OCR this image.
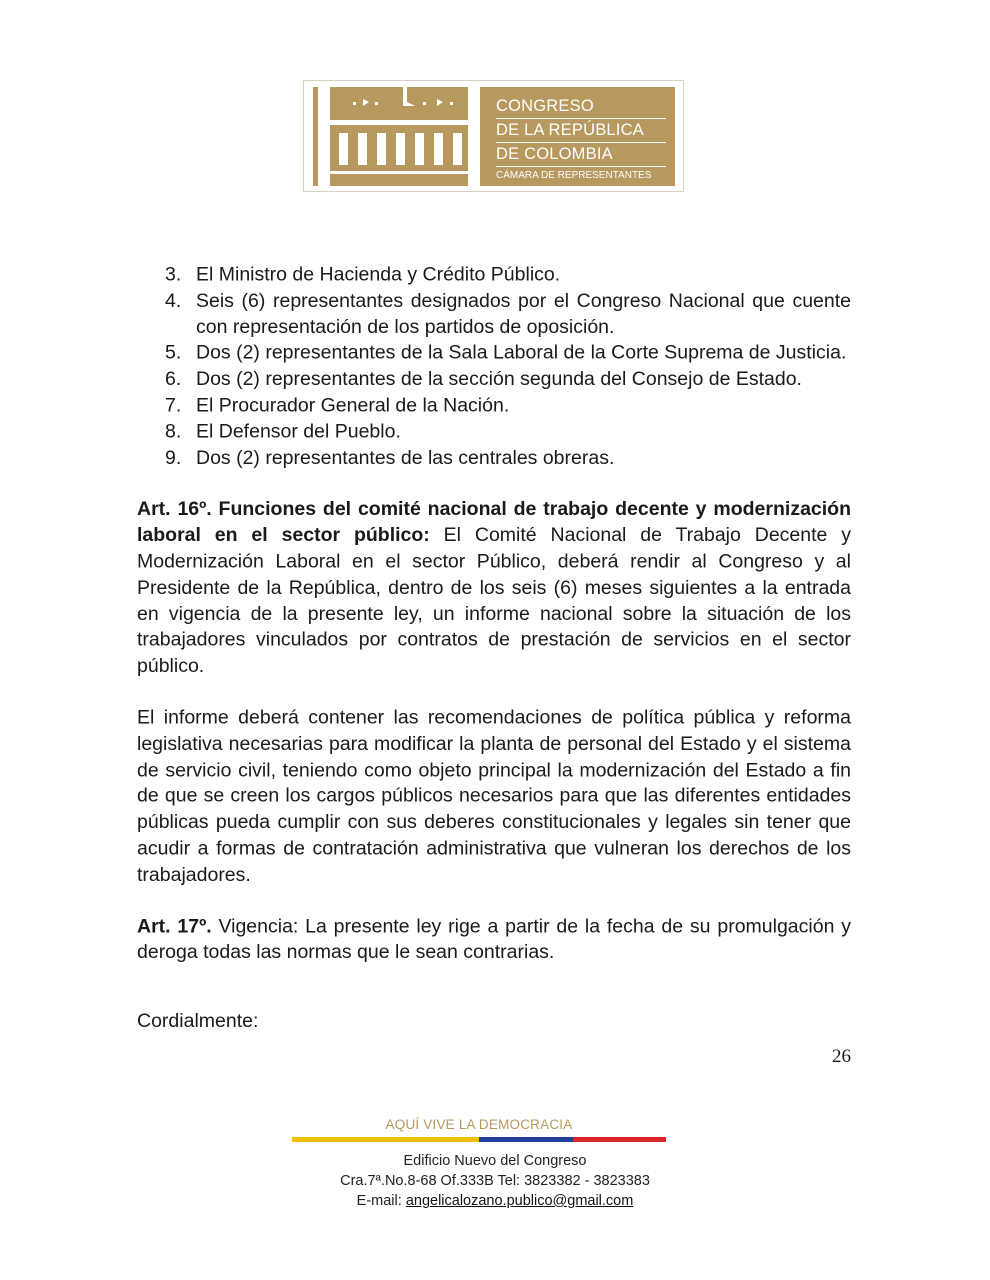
CONGRESO
DE LA REPÚBLICA
DE COLOMBIA
CÁMARA DE REPRESENTANTES
3. El Ministro de Hacienda y Crédito Público.
4. Seis (6) representantes designados por el Congreso Nacional que cuente con representación de los partidos de oposición.
5. Dos (2) representantes de la Sala Laboral de la Corte Suprema de Justicia.
6. Dos (2) representantes de la sección segunda del Consejo de Estado.
7. El Procurador General de la Nación.
8. El Defensor del Pueblo.
9. Dos (2) representantes de las centrales obreras.

Art. 16º. Funciones del comité nacional de trabajo decente y modernización laboral en el sector público: El Comité Nacional de Trabajo Decente y Modernización Laboral en el sector Público, deberá rendir al Congreso y al Presidente de la República, dentro de los seis (6) meses siguientes a la entrada en vigencia de la presente ley, un informe nacional sobre la situación de los trabajadores vinculados por contratos de prestación de servicios en el sector público.

El informe deberá contener las recomendaciones de política pública y reforma legislativa necesarias para modificar la planta de personal del Estado y el sistema de servicio civil, teniendo como objeto principal la modernización del Estado a fin de que se creen los cargos públicos necesarios para que las diferentes entidades públicas pueda cumplir con sus deberes constitucionales y legales sin tener que acudir a formas de contratación administrativa que vulneran los derechos de los trabajadores.

Art. 17º. Vigencia: La presente ley rige a partir de la fecha de su promulgación y deroga todas las normas que le sean contrarias.

Cordialmente:

26
AQUÍ VIVE LA DEMOCRACIA
Edificio Nuevo del Congreso
Cra.7ª.No.8-68 Of.333B Tel: 3823382 - 3823383
E-mail: angelicalozano.publico@gmail.com
